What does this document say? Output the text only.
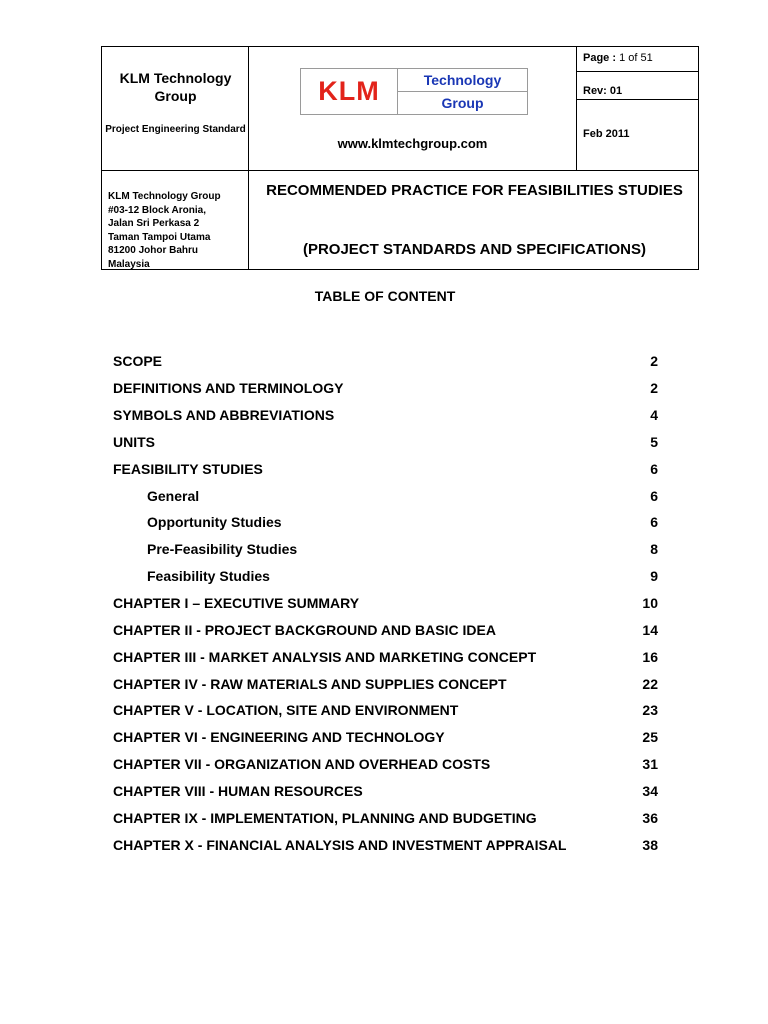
KLM Technology Group
Project Engineering Standard
KLM	Technology
Group
www.klmtechgroup.com
Page : 1 of 51
Rev: 01
Feb 2011
KLM Technology Group
#03-12 Block Aronia,
Jalan Sri Perkasa 2
Taman Tampoi Utama
81200 Johor Bahru
Malaysia
RECOMMENDED PRACTICE FOR FEASIBILITIES STUDIES
(PROJECT STANDARDS AND SPECIFICATIONS)
TABLE OF CONTENT
SCOPE	2
DEFINITIONS AND TERMINOLOGY	2
SYMBOLS AND ABBREVIATIONS	4
UNITS	5
FEASIBILITY STUDIES	6
General	6
Opportunity Studies	6
Pre-Feasibility Studies	8
Feasibility Studies	9
CHAPTER I – EXECUTIVE SUMMARY	10
CHAPTER II - PROJECT BACKGROUND AND BASIC IDEA	14
CHAPTER III - MARKET ANALYSIS AND MARKETING CONCEPT	16
CHAPTER IV - RAW MATERIALS AND SUPPLIES CONCEPT	22
CHAPTER V - LOCATION, SITE AND ENVIRONMENT	23
CHAPTER VI - ENGINEERING AND TECHNOLOGY	25
CHAPTER VII - ORGANIZATION AND OVERHEAD COSTS	31
CHAPTER VIII - HUMAN RESOURCES	34
CHAPTER IX - IMPLEMENTATION, PLANNING AND BUDGETING	36
CHAPTER X - FINANCIAL ANALYSIS AND INVESTMENT APPRAISAL	38
